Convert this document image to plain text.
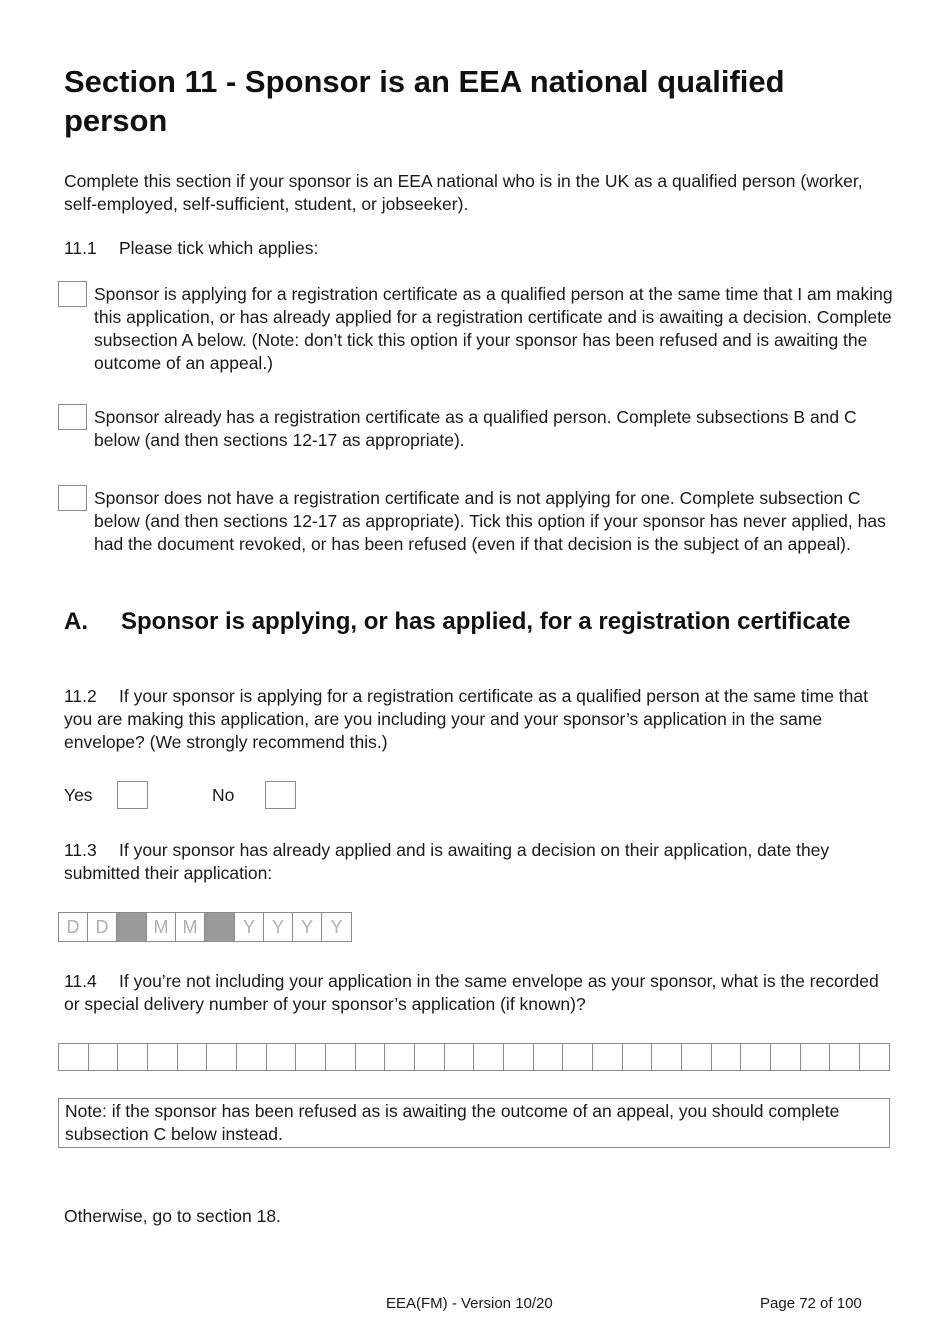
Section 11 - Sponsor is an EEA national qualified person

Complete this section if your sponsor is an EEA national who is in the UK as a qualified person (worker, self-employed, self-sufficient, student, or jobseeker).

11.1 Please tick which applies:

Sponsor is applying for a registration certificate as a qualified person at the same time that I am making this application, or has already applied for a registration certificate and is awaiting a decision. Complete subsection A below. (Note: don’t tick this option if your sponsor has been refused and is awaiting the outcome of an appeal.)

Sponsor already has a registration certificate as a qualified person. Complete subsections B and C below (and then sections 12-17 as appropriate).

Sponsor does not have a registration certificate and is not applying for one. Complete subsection C below (and then sections 12-17 as appropriate). Tick this option if your sponsor has never applied, has had the document revoked, or has been refused (even if that decision is the subject of an appeal).

A. Sponsor is applying, or has applied, for a registration certificate

11.2 If your sponsor is applying for a registration certificate as a qualified person at the same time that you are making this application, are you including your and your sponsor’s application in the same envelope? (We strongly recommend this.)

Yes	No

11.3 If your sponsor has already applied and is awaiting a decision on their application, date they submitted their application:

D D	M M	Y Y Y Y

11.4 If you’re not including your application in the same envelope as your sponsor, what is the recorded or special delivery number of your sponsor’s application (if known)?

Note: if the sponsor has been refused as is awaiting the outcome of an appeal, you should complete subsection C below instead.

Otherwise, go to section 18.

EEA(FM) - Version 10/20	Page 72 of 100
